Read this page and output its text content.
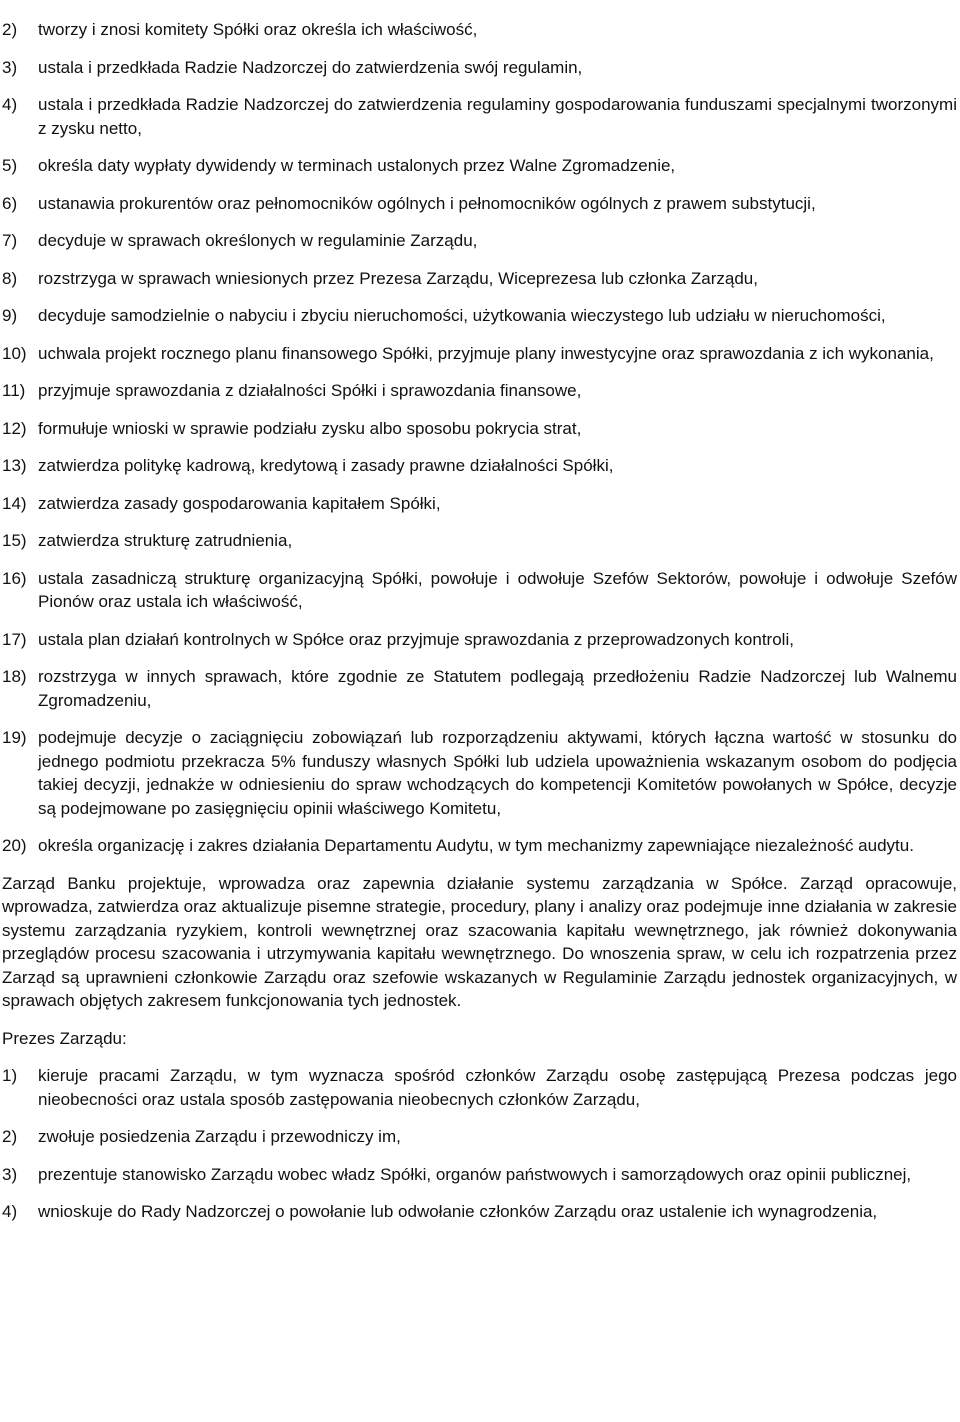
2)	tworzy i znosi komitety Spółki oraz określa ich właściwość,
3)	ustala i przedkłada Radzie Nadzorczej do zatwierdzenia swój regulamin,
4)	ustala i przedkłada Radzie Nadzorczej do zatwierdzenia regulaminy gospodarowania funduszami specjalnymi tworzonymi z zysku netto,
5)	określa daty wypłaty dywidendy w terminach ustalonych przez Walne Zgromadzenie,
6)	ustanawia prokurentów oraz pełnomocników ogólnych i pełnomocników ogólnych z prawem substytucji,
7)	decyduje w sprawach określonych w regulaminie Zarządu,
8)	rozstrzyga w sprawach wniesionych przez Prezesa Zarządu, Wiceprezesa lub członka Zarządu,
9)	decyduje samodzielnie o nabyciu i zbyciu nieruchomości, użytkowania wieczystego lub udziału w nieruchomości,
10) uchwala projekt rocznego planu finansowego Spółki, przyjmuje plany inwestycyjne oraz sprawozdania z ich wykonania,
11) przyjmuje sprawozdania z działalności Spółki i sprawozdania finansowe,
12) formułuje wnioski w sprawie podziału zysku albo sposobu pokrycia strat,
13) zatwierdza politykę kadrową, kredytową i zasady prawne działalności Spółki,
14) zatwierdza zasady gospodarowania kapitałem Spółki,
15) zatwierdza strukturę zatrudnienia,
16) ustala zasadniczą strukturę organizacyjną Spółki, powołuje i odwołuje Szefów Sektorów, powołuje i odwołuje Szefów Pionów oraz ustala ich właściwość,
17) ustala plan działań kontrolnych w Spółce oraz przyjmuje sprawozdania z przeprowadzonych kontroli,
18) rozstrzyga w innych sprawach, które zgodnie ze Statutem podlegają przedłożeniu Radzie Nadzorczej lub Walnemu Zgromadzeniu,
19) podejmuje decyzje o zaciągnięciu zobowiązań lub rozporządzeniu aktywami, których łączna wartość w stosunku do jednego podmiotu przekracza 5% funduszy własnych Spółki lub udziela upoważnienia wskazanym osobom do podjęcia takiej decyzji, jednakże w odniesieniu do spraw wchodzących do kompetencji Komitetów powołanych w Spółce, decyzje są podejmowane po zasięgnięciu opinii właściwego Komitetu,
20) określa organizację i zakres działania Departamentu Audytu, w tym mechanizmy zapewniające niezależność audytu.
Zarząd Banku projektuje, wprowadza oraz zapewnia działanie systemu zarządzania w Spółce. Zarząd opracowuje, wprowadza, zatwierdza oraz aktualizuje pisemne strategie, procedury, plany i analizy oraz podejmuje inne działania w zakresie systemu zarządzania ryzykiem, kontroli wewnętrznej oraz szacowania kapitału wewnętrznego, jak również dokonywania przeglądów procesu szacowania i utrzymywania kapitału wewnętrznego. Do wnoszenia spraw, w celu ich rozpatrzenia przez Zarząd są uprawnieni członkowie Zarządu oraz szefowie wskazanych w Regulaminie Zarządu jednostek organizacyjnych, w sprawach objętych zakresem funkcjonowania tych jednostek.
Prezes Zarządu:
1)	kieruje pracami Zarządu, w tym wyznacza spośród członków Zarządu osobę zastępującą Prezesa podczas jego nieobecności oraz ustala sposób zastępowania nieobecnych członków Zarządu,
2)	zwołuje posiedzenia Zarządu i przewodniczy im,
3)	prezentuje stanowisko Zarządu wobec władz Spółki, organów państwowych i samorządowych oraz opinii publicznej,
4)	wnioskuje do Rady Nadzorczej o powołanie lub odwołanie członków Zarządu oraz ustalenie ich wynagrodzenia,
